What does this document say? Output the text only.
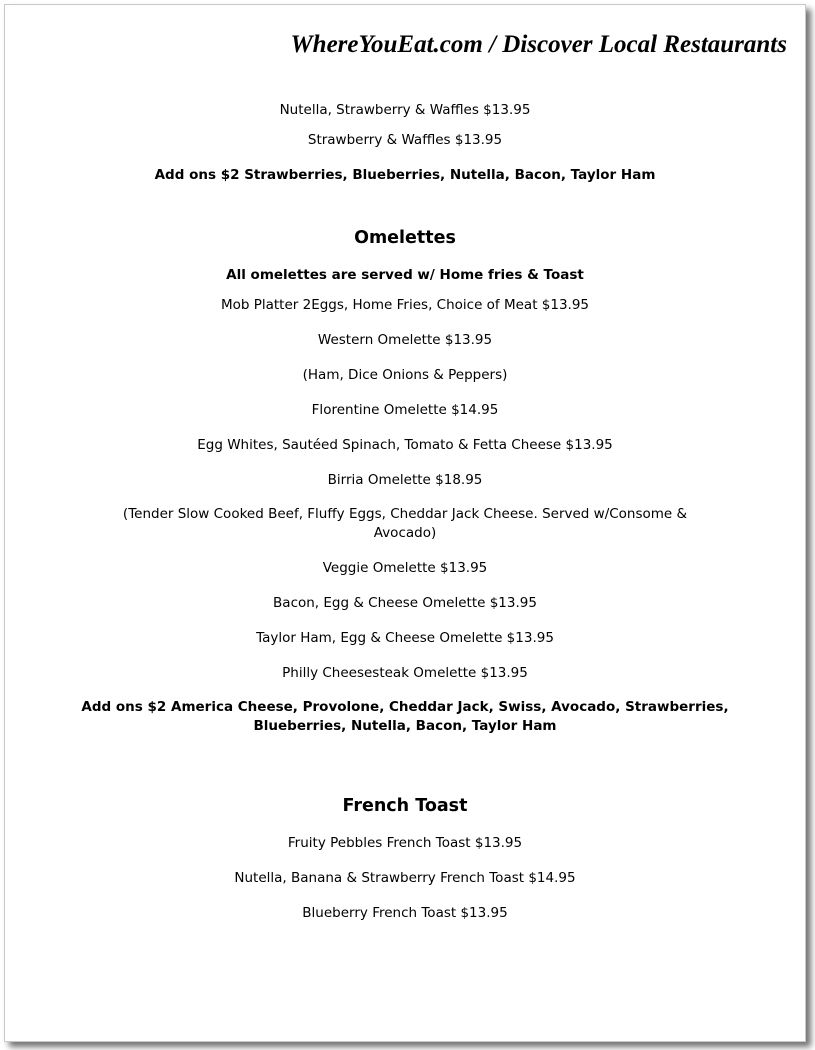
WhereYouEat.com / Discover Local Restaurants
Nutella, Strawberry & Waffles $13.95
Strawberry & Waffles $13.95
Add ons $2 Strawberries, Blueberries, Nutella, Bacon, Taylor Ham
Omelettes
All omelettes are served w/ Home fries & Toast
Mob Platter 2Eggs, Home Fries, Choice of Meat $13.95
Western Omelette $13.95
(Ham, Dice Onions & Peppers)
Florentine Omelette $14.95
Egg Whites, Sautéed Spinach, Tomato & Fetta Cheese $13.95
Birria Omelette $18.95
(Tender Slow Cooked Beef, Fluffy Eggs, Cheddar Jack Cheese. Served w/Consome &
Avocado)
Veggie Omelette $13.95
Bacon, Egg & Cheese Omelette $13.95
Taylor Ham, Egg & Cheese Omelette $13.95
Philly Cheesesteak Omelette $13.95
Add ons $2 America Cheese, Provolone, Cheddar Jack, Swiss, Avocado, Strawberries,
Blueberries, Nutella, Bacon, Taylor Ham
French Toast
Fruity Pebbles French Toast $13.95
Nutella, Banana & Strawberry French Toast $14.95
Blueberry French Toast $13.95
